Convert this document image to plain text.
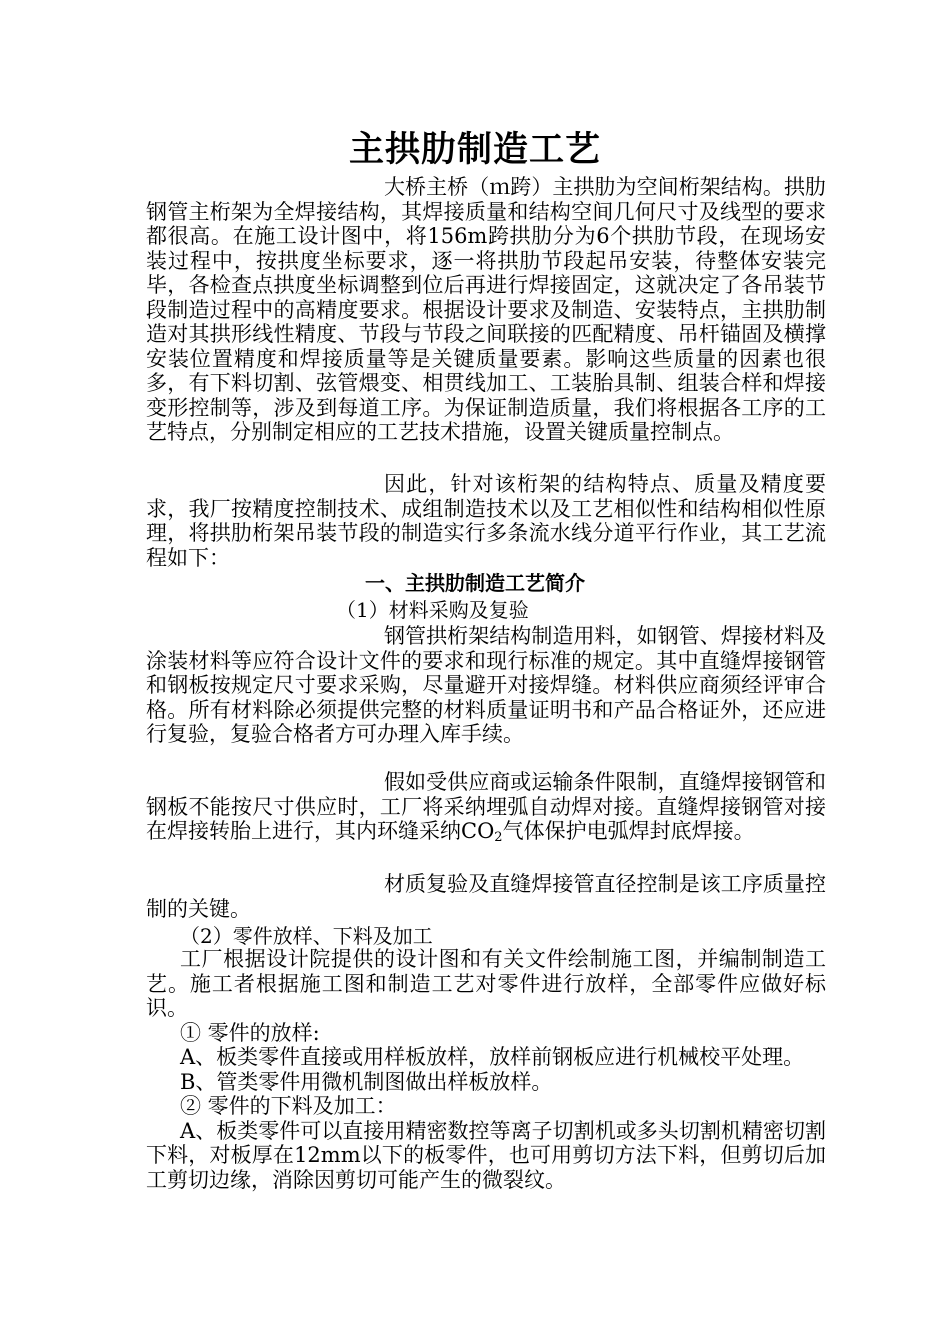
主拱肋制造工艺

大桥主桥（ｍ跨）主拱肋为空间桁架结构。拱肋钢管主桁架为全焊接结构，其焊接质量和结构空间几何尺寸及线型的要求都很高。在施工设计图中，将156m跨拱肋分为6个拱肋节段，在现场安装过程中，按拱度坐标要求，逐一将拱肋节段起吊安装，待整体安装完毕，各检查点拱度坐标调整到位后再进行焊接固定，这就决定了各吊装节段制造过程中的高精度要求。根据设计要求及制造、安装特点，主拱肋制造对其拱形线性精度、节段与节段之间联接的匹配精度、吊杆锚固及横撑安装位置精度和焊接质量等是关键质量要素。影响这些质量的因素也很多，有下料切割、弦管煨变、相贯线加工、工装胎具制、组装合样和焊接变形控制等，涉及到每道工序。为保证制造质量，我们将根据各工序的工艺特点，分别制定相应的工艺技术措施，设置关键质量控制点。

因此，针对该桁架的结构特点、质量及精度要求，我厂按精度控制技术、成组制造技术以及工艺相似性和结构相似性原理，将拱肋桁架吊装节段的制造实行多条流水线分道平行作业，其工艺流程如下：

一、主拱肋制造工艺简介
（1）材料采购及复验

钢管拱桁架结构制造用料，如钢管、焊接材料及涂装材料等应符合设计文件的要求和现行标准的规定。其中直缝焊接钢管和钢板按规定尺寸要求采购，尽量避开对接焊缝。材料供应商须经评审合格。所有材料除必须提供完整的材料质量证明书和产品合格证外，还应进行复验，复验合格者方可办理入库手续。

假如受供应商或运输条件限制，直缝焊接钢管和钢板不能按尺寸供应时，工厂将采纳埋弧自动焊对接。直缝焊接钢管对接在焊接转胎上进行，其内环缝采纳$CO_2$气体保护电弧焊封底焊接。

材质复验及直缝焊接管直径控制是该工序质量控制的关键。

（2）零件放样、下料及加工

工厂根据设计院提供的设计图和有关文件绘制施工图，并编制制造工艺。施工者根据施工图和制造工艺对零件进行放样，全部零件应做好标识。

① 零件的放样:

A、板类零件直接或用样板放样，放样前钢板应进行机械校平处理。

B、管类零件用微机制图做出样板放样。

② 零件的下料及加工：

A、板类零件可以直接用精密数控等离子切割机或多头切割机精密切割下料，对板厚在12mm以下的板零件，也可用剪切方法下料，但剪切后加工剪切边缘，消除因剪切可能产生的微裂纹。
